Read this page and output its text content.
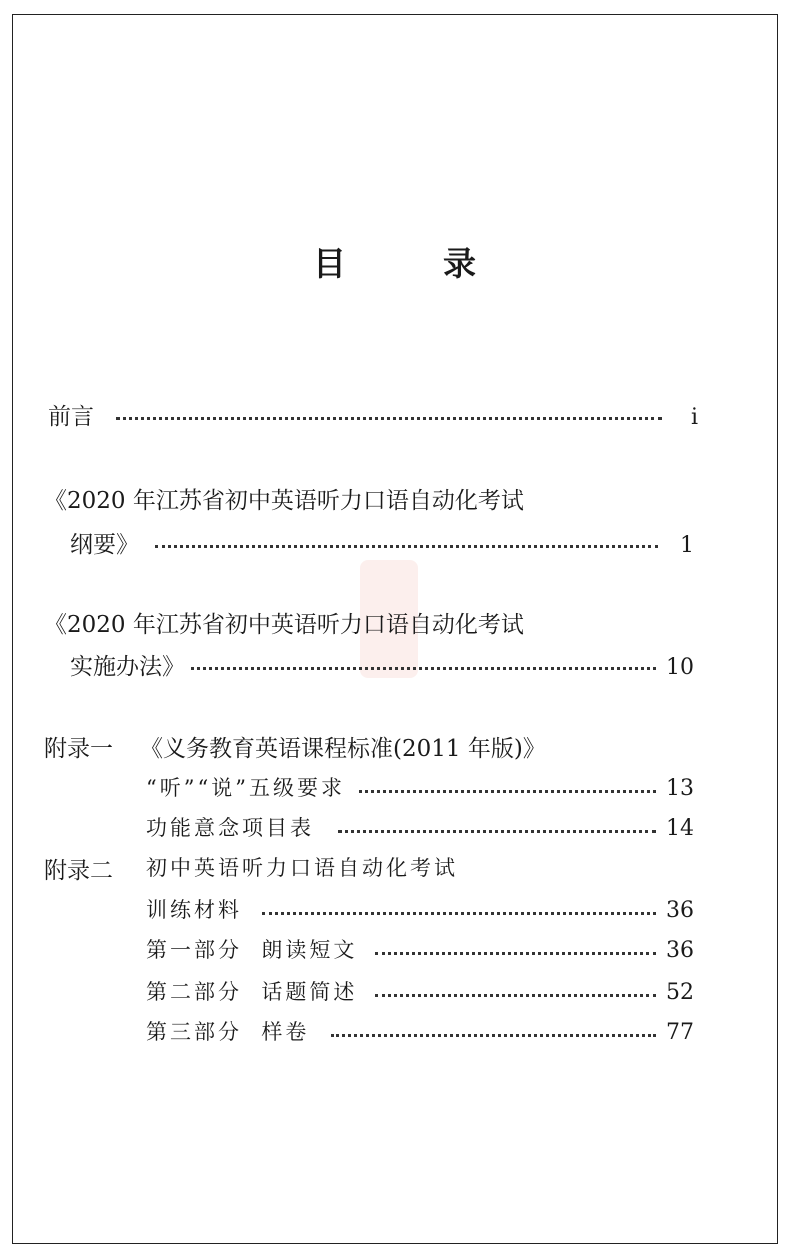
目	录
前言	i
《2020 年江苏省初中英语听力口语自动化考试
纲要》	1
《2020 年江苏省初中英语听力口语自动化考试
实施办法》	10
附录一 《义务教育英语课程标准(2011 年版)》
“听”“说”五级要求	13
功能意念项目表	14
附录二 初中英语听力口语自动化考试
训练材料	36
第一部分  朗读短文	36
第二部分  话题简述	52
第三部分  样卷	77
